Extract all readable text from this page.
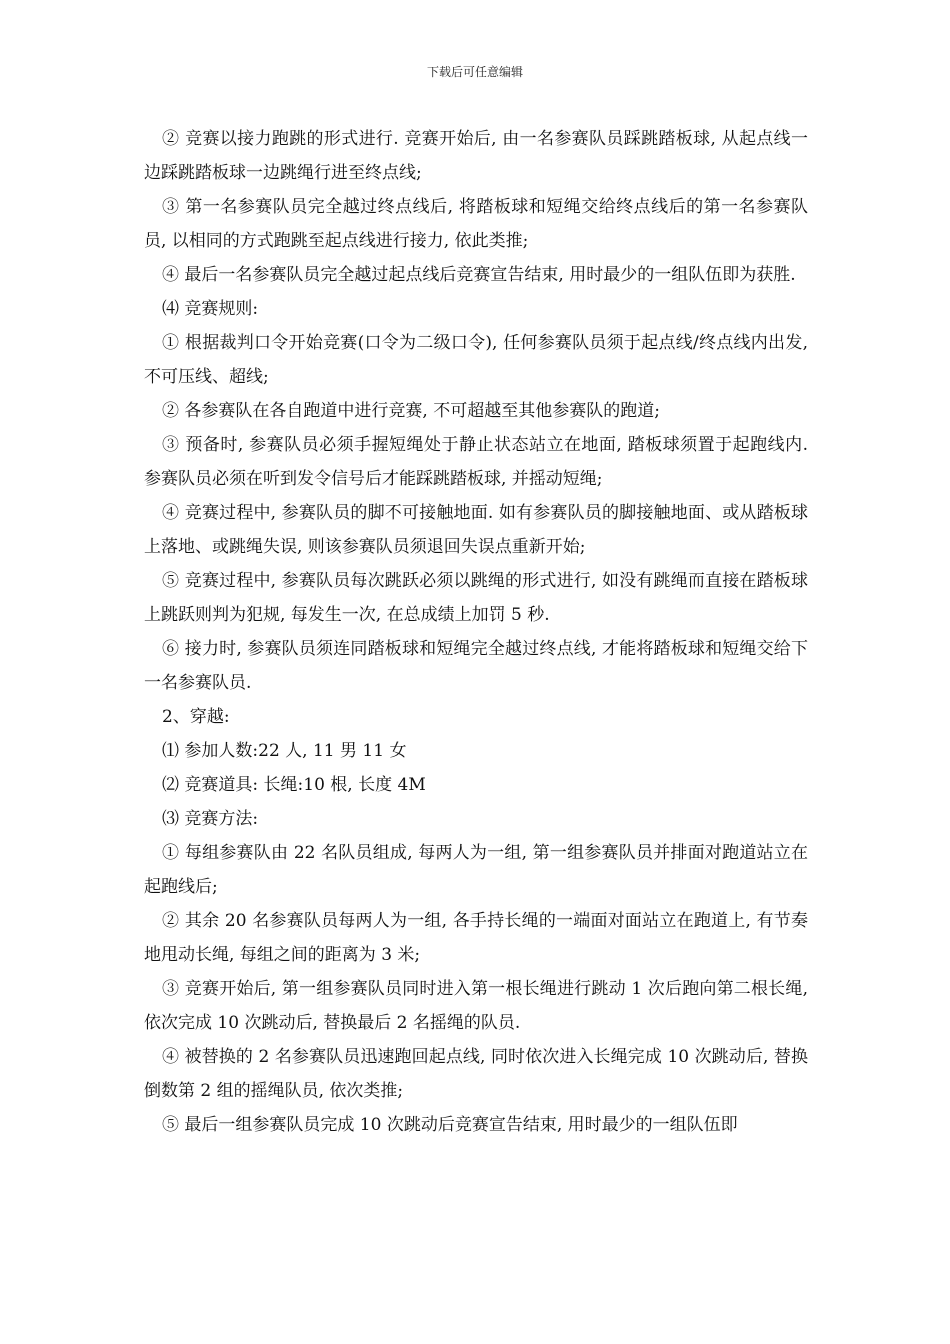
下载后可任意编辑

② 竞赛以接力跑跳的形式进行. 竞赛开始后, 由一名参赛队员踩跳踏板球, 从起点线一边踩跳踏板球一边跳绳行进至终点线;

③ 第一名参赛队员完全越过终点线后, 将踏板球和短绳交给终点线后的第一名参赛队员, 以相同的方式跑跳至起点线进行接力, 依此类推;

④ 最后一名参赛队员完全越过起点线后竞赛宣告结束, 用时最少的一组队伍即为获胜.

⑷ 竞赛规则:

① 根据裁判口令开始竞赛(口令为二级口令), 任何参赛队员须于起点线/终点线内出发, 不可压线、超线;

② 各参赛队在各自跑道中进行竞赛, 不可超越至其他参赛队的跑道;

③ 预备时, 参赛队员必须手握短绳处于静止状态站立在地面, 踏板球须置于起跑线内. 参赛队员必须在听到发令信号后才能踩跳踏板球, 并摇动短绳;

④ 竞赛过程中, 参赛队员的脚不可接触地面. 如有参赛队员的脚接触地面、或从踏板球上落地、或跳绳失误, 则该参赛队员须退回失误点重新开始;

⑤ 竞赛过程中, 参赛队员每次跳跃必须以跳绳的形式进行, 如没有跳绳而直接在踏板球上跳跃则判为犯规, 每发生一次, 在总成绩上加罚 5 秒.

⑥ 接力时, 参赛队员须连同踏板球和短绳完全越过终点线, 才能将踏板球和短绳交给下一名参赛队员.

2、穿越:

⑴ 参加人数:22 人, 11 男 11 女

⑵ 竞赛道具: 长绳:10 根, 长度 4M

⑶ 竞赛方法:

① 每组参赛队由 22 名队员组成, 每两人为一组, 第一组参赛队员并排面对跑道站立在起跑线后;

② 其余 20 名参赛队员每两人为一组, 各手持长绳的一端面对面站立在跑道上, 有节奏地甩动长绳, 每组之间的距离为 3 米;

③ 竞赛开始后, 第一组参赛队员同时进入第一根长绳进行跳动 1 次后跑向第二根长绳, 依次完成 10 次跳动后, 替换最后 2 名摇绳的队员.

④ 被替换的 2 名参赛队员迅速跑回起点线, 同时依次进入长绳完成 10 次跳动后, 替换倒数第 2 组的摇绳队员, 依次类推;

⑤ 最后一组参赛队员完成 10 次跳动后竞赛宣告结束, 用时最少的一组队伍即
